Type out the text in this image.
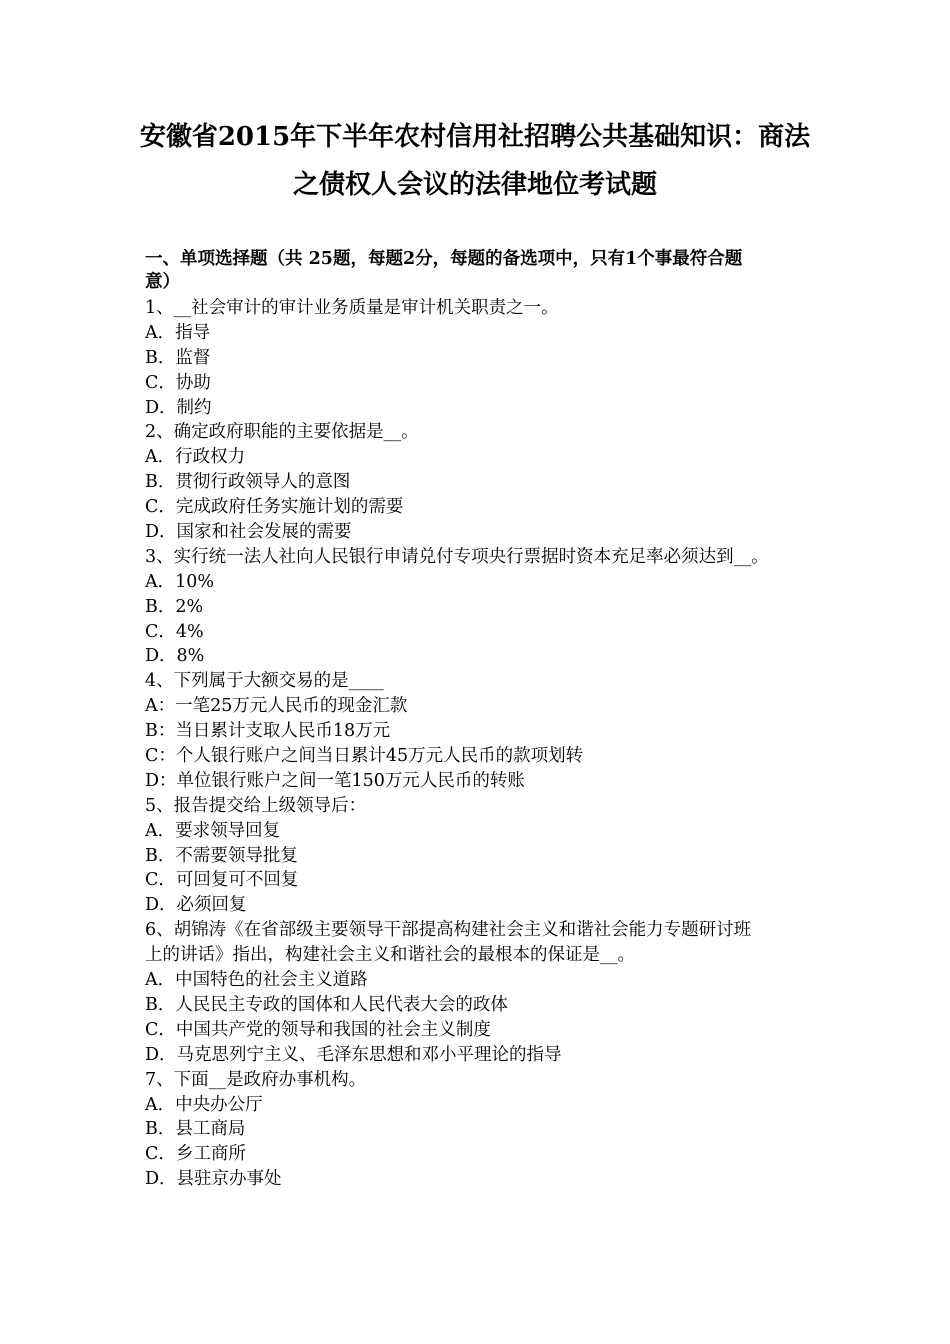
安徽省2015年下半年农村信用社招聘公共基础知识：商法
之债权人会议的法律地位考试题
一、单项选择题（共 25题，每题2分，每题的备选项中，只有1个事最符合题
意）
1、__社会审计的审计业务质量是审计机关职责之一。
A．指导
B．监督
C．协助
D．制约
2、确定政府职能的主要依据是__。
A．行政权力
B．贯彻行政领导人的意图
C．完成政府任务实施计划的需要
D．国家和社会发展的需要
3、实行统一法人社向人民银行申请兑付专项央行票据时资本充足率必须达到__。
A．10%
B．2%
C．4%
D．8%
4、下列属于大额交易的是____
A：一笔25万元人民币的现金汇款
B：当日累计支取人民币18万元
C：个人银行账户之间当日累计45万元人民币的款项划转
D：单位银行账户之间一笔150万元人民币的转账
5、报告提交给上级领导后：
A．要求领导回复
B．不需要领导批复
C．可回复可不回复
D．必须回复
6、胡锦涛《在省部级主要领导干部提高构建社会主义和谐社会能力专题研讨班
上的讲话》指出，构建社会主义和谐社会的最根本的保证是__。
A．中国特色的社会主义道路
B．人民民主专政的国体和人民代表大会的政体
C．中国共产党的领导和我国的社会主义制度
D．马克思列宁主义、毛泽东思想和邓小平理论的指导
7、下面__是政府办事机构。
A．中央办公厅
B．县工商局
C．乡工商所
D．县驻京办事处
